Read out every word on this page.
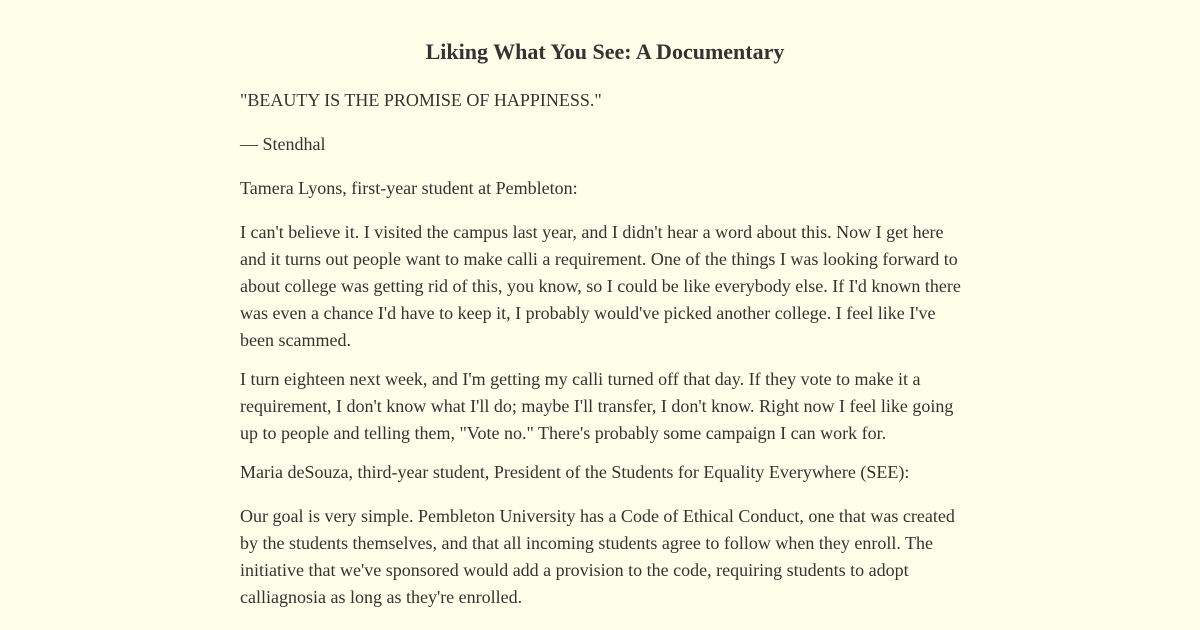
Liking What You See: A Documentary

"BEAUTY IS THE PROMISE OF HAPPINESS."

— Stendhal

Tamera Lyons, first-year student at Pembleton:

I can't believe it. I visited the campus last year, and I didn't hear a word about this. Now I get here and it turns out people want to make calli a requirement. One of the things I was looking forward to about college was getting rid of this, you know, so I could be like everybody else. If I'd known there was even a chance I'd have to keep it, I probably would've picked another college. I feel like I've been scammed.

I turn eighteen next week, and I'm getting my calli turned off that day. If they vote to make it a requirement, I don't know what I'll do; maybe I'll transfer, I don't know. Right now I feel like going up to people and telling them, "Vote no." There's probably some campaign I can work for.

Maria deSouza, third-year student, President of the Students for Equality Everywhere (SEE):

Our goal is very simple. Pembleton University has a Code of Ethical Conduct, one that was created by the students themselves, and that all incoming students agree to follow when they enroll. The initiative that we've sponsored would add a provision to the code, requiring students to adopt calliagnosia as long as they're enrolled.
